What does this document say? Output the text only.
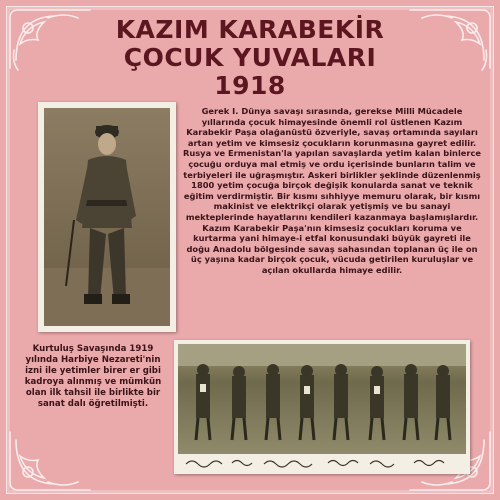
KAZIM KARABEKİR
ÇOCUK YUVALARI
1918

Gerek I. Dünya savaşı sırasında, gerekse Milli Mücadele yıllarında çocuk himayesinde önemli rol üstlenen Kazım Karabekir Paşa olağanüstü özveriyle, savaş ortamında sayıları artan yetim ve kimsesiz çocukların korunmasına gayret edilir. Rusya ve Ermenistan'la yapılan savaşlarda yetim kalan binlerce çocuğu orduya mal etmiş ve ordu içerisinde bunların talim ve terbiyeleri ile uğraşmıştır. Askeri birlikler şeklinde düzenlenmiş 1800 yetim çocuğa birçok değişik konularda sanat ve teknik eğitim verdirmiştir. Bir kısmı sıhhiyye memuru olarak, bir kısmı makinist ve elektrikçi olarak yetişmiş ve bu sanayi mekteplerinde hayatlarını kendileri kazanmaya başlamışlardır. Kazım Karabekir Paşa'nın kimsesiz çocukları koruma ve kurtarma yani himaye-i etfal konusundaki büyük gayreti ile doğu Anadolu bölgesinde savaş sahasından toplanan üç ile on üç yaşına kadar birçok çocuk, vücuda getirilen kuruluşlar ve açılan okullarda himaye edilir.

Kurtuluş Savaşında 1919 yılında Harbiye Nezareti'nin izni ile yetimler birer er gibi kadroya alınmış ve mümkün olan ilk tahsil ile birlikte bir sanat dalı öğretilmişti.
